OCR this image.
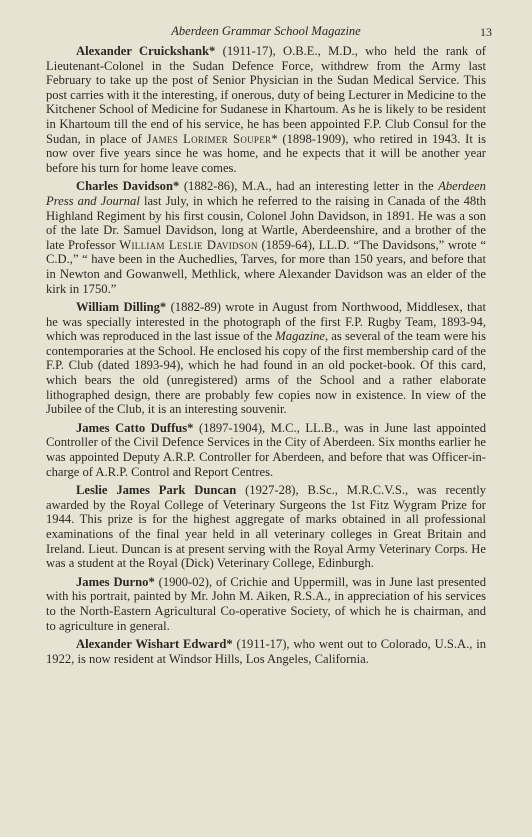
Aberdeen Grammar School Magazine	13

Alexander Cruickshank* (1911-17), O.B.E., M.D., who held the rank of Lieutenant-Colonel in the Sudan Defence Force, withdrew from the Army last February to take up the post of Senior Physician in the Sudan Medical Service. This post carries with it the interesting, if onerous, duty of being Lecturer in Medicine to the Kitchener School of Medicine for Sudanese in Khartoum. As he is likely to be resident in Khartoum till the end of his service, he has been appointed F.P. Club Consul for the Sudan, in place of James Lorimer Souper* (1898-1909), who retired in 1943. It is now over five years since he was home, and he expects that it will be another year before his turn for home leave comes.

Charles Davidson* (1882-86), M.A., had an interesting letter in the Aberdeen Press and Journal last July, in which he referred to the raising in Canada of the 48th Highland Regiment by his first cousin, Colonel John Davidson, in 1891. He was a son of the late Dr. Samuel Davidson, long at Wartle, Aberdeenshire, and a brother of the late Professor William Leslie Davidson (1859-64), LL.D. “The Davidsons,” wrote “ C.D.,” “ have been in the Auchedlies, Tarves, for more than 150 years, and before that in Newton and Gowanwell, Methlick, where Alexander Davidson was an elder of the kirk in 1750.”

William Dilling* (1882-89) wrote in August from Northwood, Middlesex, that he was specially interested in the photograph of the first F.P. Rugby Team, 1893-94, which was reproduced in the last issue of the Magazine, as several of the team were his contemporaries at the School. He enclosed his copy of the first membership card of the F.P. Club (dated 1893-94), which he had found in an old pocket-book. Of this card, which bears the old (unregistered) arms of the School and a rather elaborate lithographed design, there are probably few copies now in existence. In view of the Jubilee of the Club, it is an interesting souvenir.

James Catto Duffus* (1897-1904), M.C., LL.B., was in June last appointed Controller of the Civil Defence Services in the City of Aberdeen. Six months earlier he was appointed Deputy A.R.P. Controller for Aberdeen, and before that was Officer-in-charge of A.R.P. Control and Report Centres.

Leslie James Park Duncan (1927-28), B.Sc., M.R.C.V.S., was recently awarded by the Royal College of Veterinary Surgeons the 1st Fitz Wygram Prize for 1944. This prize is for the highest aggregate of marks obtained in all professional examinations of the final year held in all veterinary colleges in Great Britain and Ireland. Lieut. Duncan is at present serving with the Royal Army Veterinary Corps. He was a student at the Royal (Dick) Veterinary College, Edinburgh.

James Durno* (1900-02), of Crichie and Uppermill, was in June last presented with his portrait, painted by Mr. John M. Aiken, R.S.A., in appreciation of his services to the North-Eastern Agricultural Co-operative Society, of which he is chairman, and to agriculture in general.

Alexander Wishart Edward* (1911-17), who went out to Colorado, U.S.A., in 1922, is now resident at Windsor Hills, Los Angeles, California.
